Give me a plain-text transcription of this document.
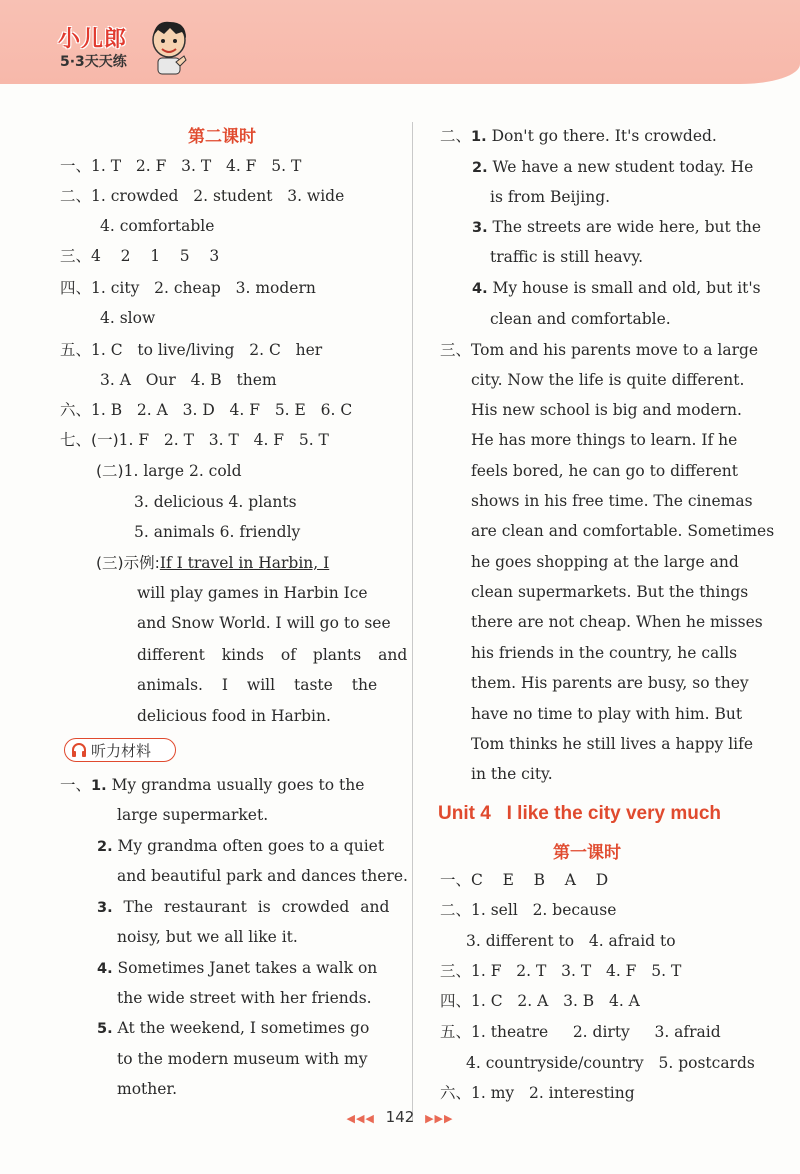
小儿郎
5·3天天练
第二课时
一、1. T 2. F 3. T 4. F 5. T
二、1. crowded 2. student 3. wide
4. comfortable
三、4 2 1 5 3
四、1. city 2. cheap 3. modern
4. slow
五、1. C to live/living 2. C her
3. A Our 4. B them
六、1. B 2. A 3. D 4. F 5. E 6. C
七、(一)1. F 2. T 3. T 4. F 5. T
(二)1. large 2. cold
3. delicious 4. plants
5. animals 6. friendly
(三)示例:If I travel in Harbin, I
will play games in Harbin Ice
and Snow World. I will go to see
different kinds of plants and
animals. I will taste the
delicious food in Harbin.
听力材料
一、1. My grandma usually goes to the
large supermarket.
2. My grandma often goes to a quiet
and beautiful park and dances there.
3. The restaurant is crowded and
noisy, but we all like it.
4. Sometimes Janet takes a walk on
the wide street with her friends.
5. At the weekend, I sometimes go
to the modern museum with my
mother.
二、1. Don't go there. It's crowded.
2. We have a new student today. He
is from Beijing.
3. The streets are wide here, but the
traffic is still heavy.
4. My house is small and old, but it's
clean and comfortable.
三、Tom and his parents move to a large
city. Now the life is quite different.
His new school is big and modern.
He has more things to learn. If he
feels bored, he can go to different
shows in his free time. The cinemas
are clean and comfortable. Sometimes
he goes shopping at the large and
clean supermarkets. But the things
there are not cheap. When he misses
his friends in the country, he calls
them. His parents are busy, so they
have no time to play with him. But
Tom thinks he still lives a happy life
in the city.
Unit 4   I like the city very much
第一课时
一、C E B A D
二、1. sell 2. because
3. different to 4. afraid to
三、1. F 2. T 3. T 4. F 5. T
四、1. C 2. A 3. B 4. A
五、1. theatre 2. dirty 3. afraid
4. countryside/country 5. postcards
六、1. my 2. interesting
◀◀◀ 142 ▶▶▶
